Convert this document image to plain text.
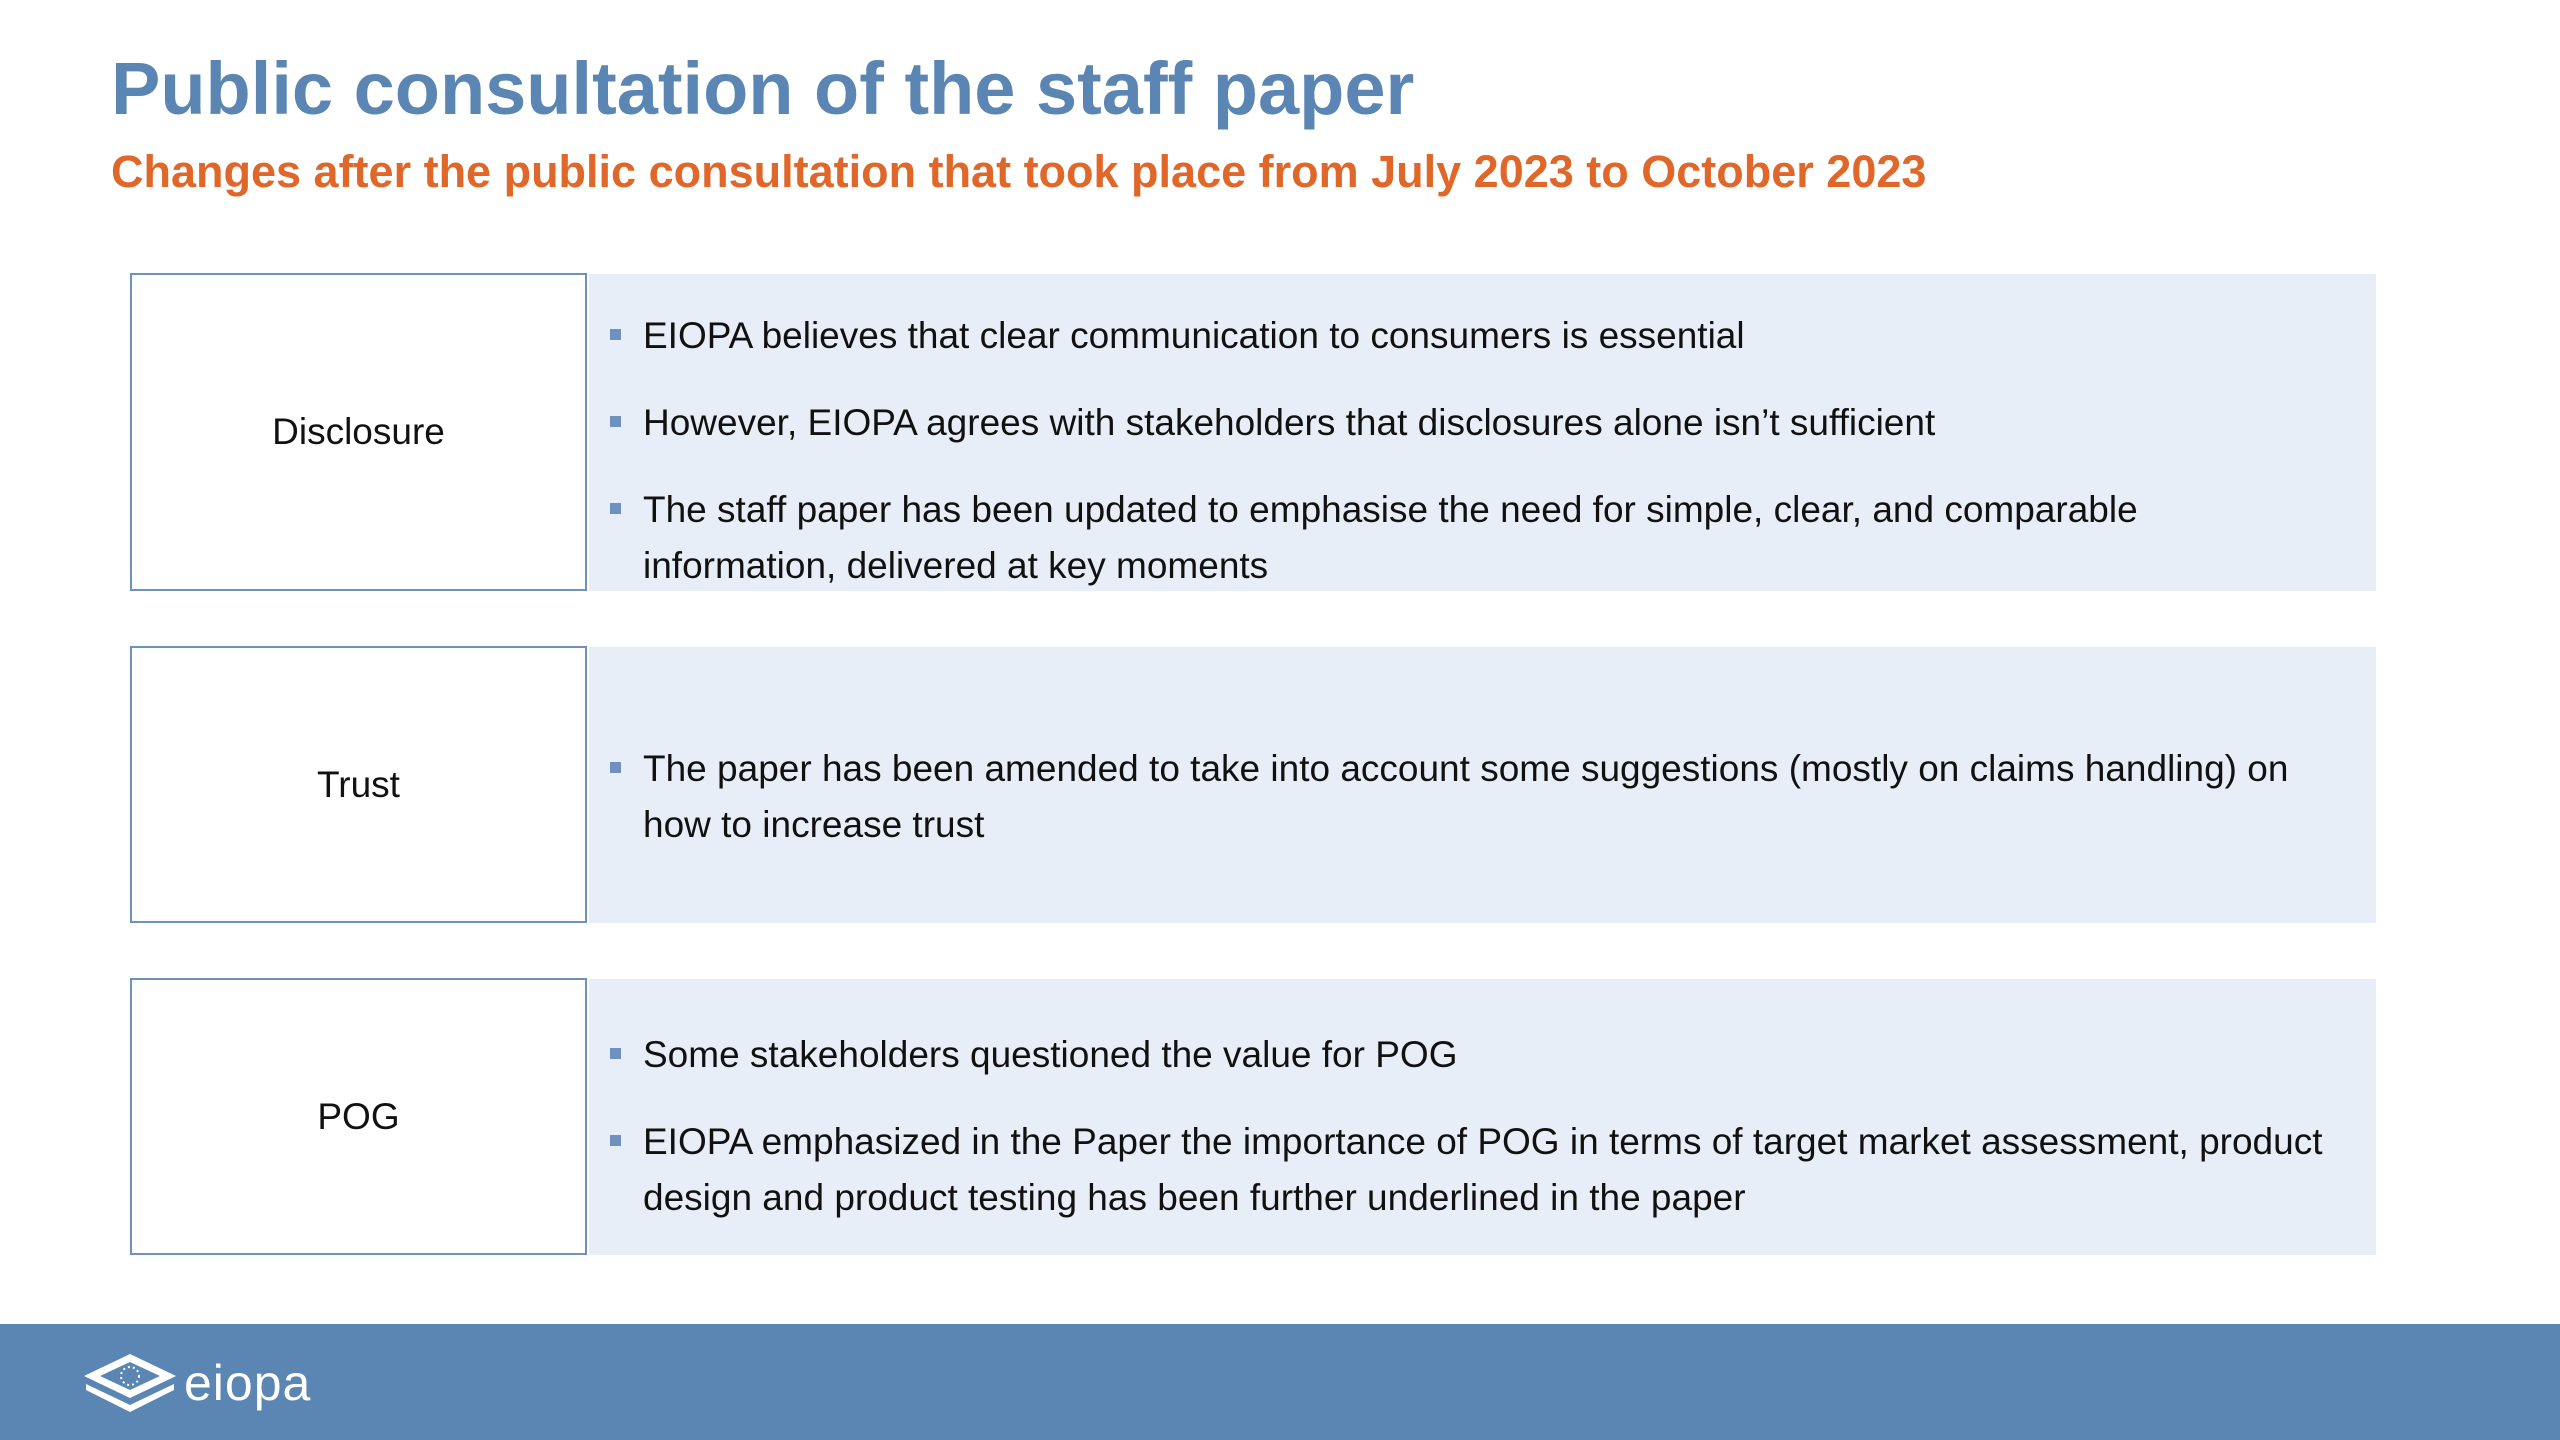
Public consultation of the staff paper
Changes after the public consultation that took place from July 2023 to October 2023
Disclosure
EIOPA believes that clear communication to consumers is essential
However, EIOPA agrees with stakeholders that disclosures alone isn’t sufficient
The staff paper has been updated to emphasise the need for simple, clear, and comparable information, delivered at key moments
Trust	The paper has been amended to take into account some suggestions (mostly on claims handling) on how to increase trust
POG
Some stakeholders questioned the value for POG
EIOPA emphasized in the Paper the importance of POG in terms of target market assessment, product design and product testing has been further underlined in the paper
eiopa
